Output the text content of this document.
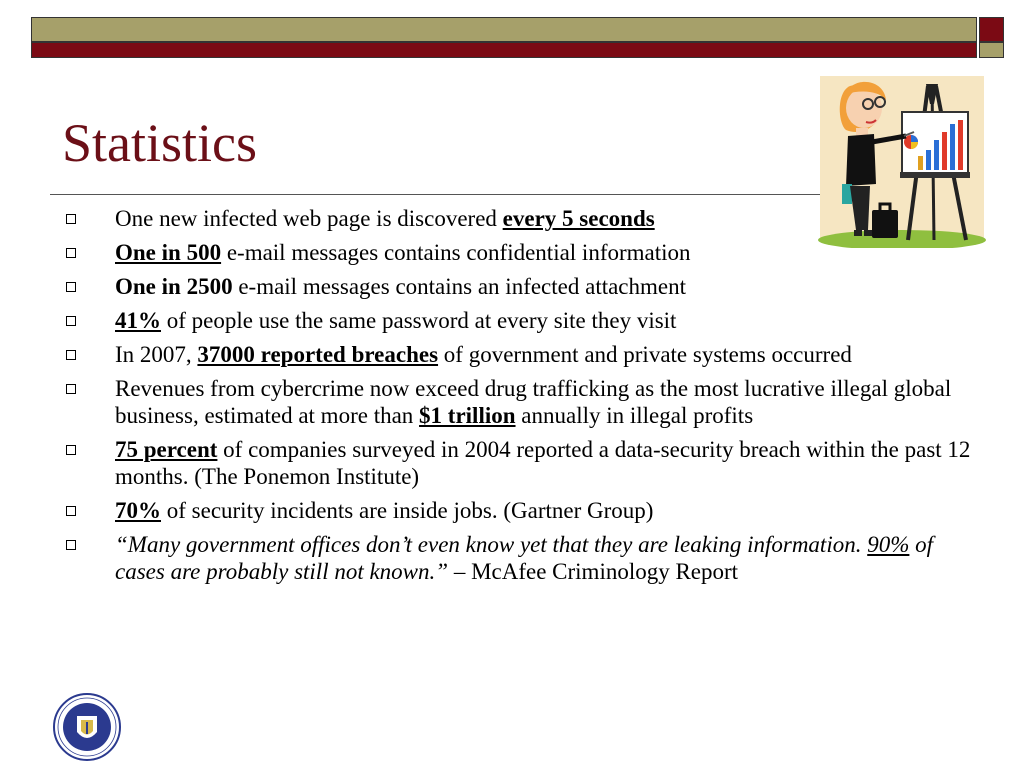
Statistics
One new infected web page is discovered every 5 seconds
One in 500 e-mail messages contains confidential information
One in 2500 e-mail messages contains an infected attachment
41% of people use the same password at every site they visit
In 2007, 37000 reported breaches of government and private systems occurred
Revenues from cybercrime now exceed drug trafficking as the most lucrative illegal global business, estimated at more than $1 trillion annually in illegal profits
75 percent of companies surveyed in 2004 reported a data-security breach within the past 12 months. (The Ponemon Institute)
70% of security incidents are inside jobs. (Gartner Group)
“Many government offices don’t even know yet that they are leaking information. 90% of cases are probably still not known.” – McAfee Criminology Report
